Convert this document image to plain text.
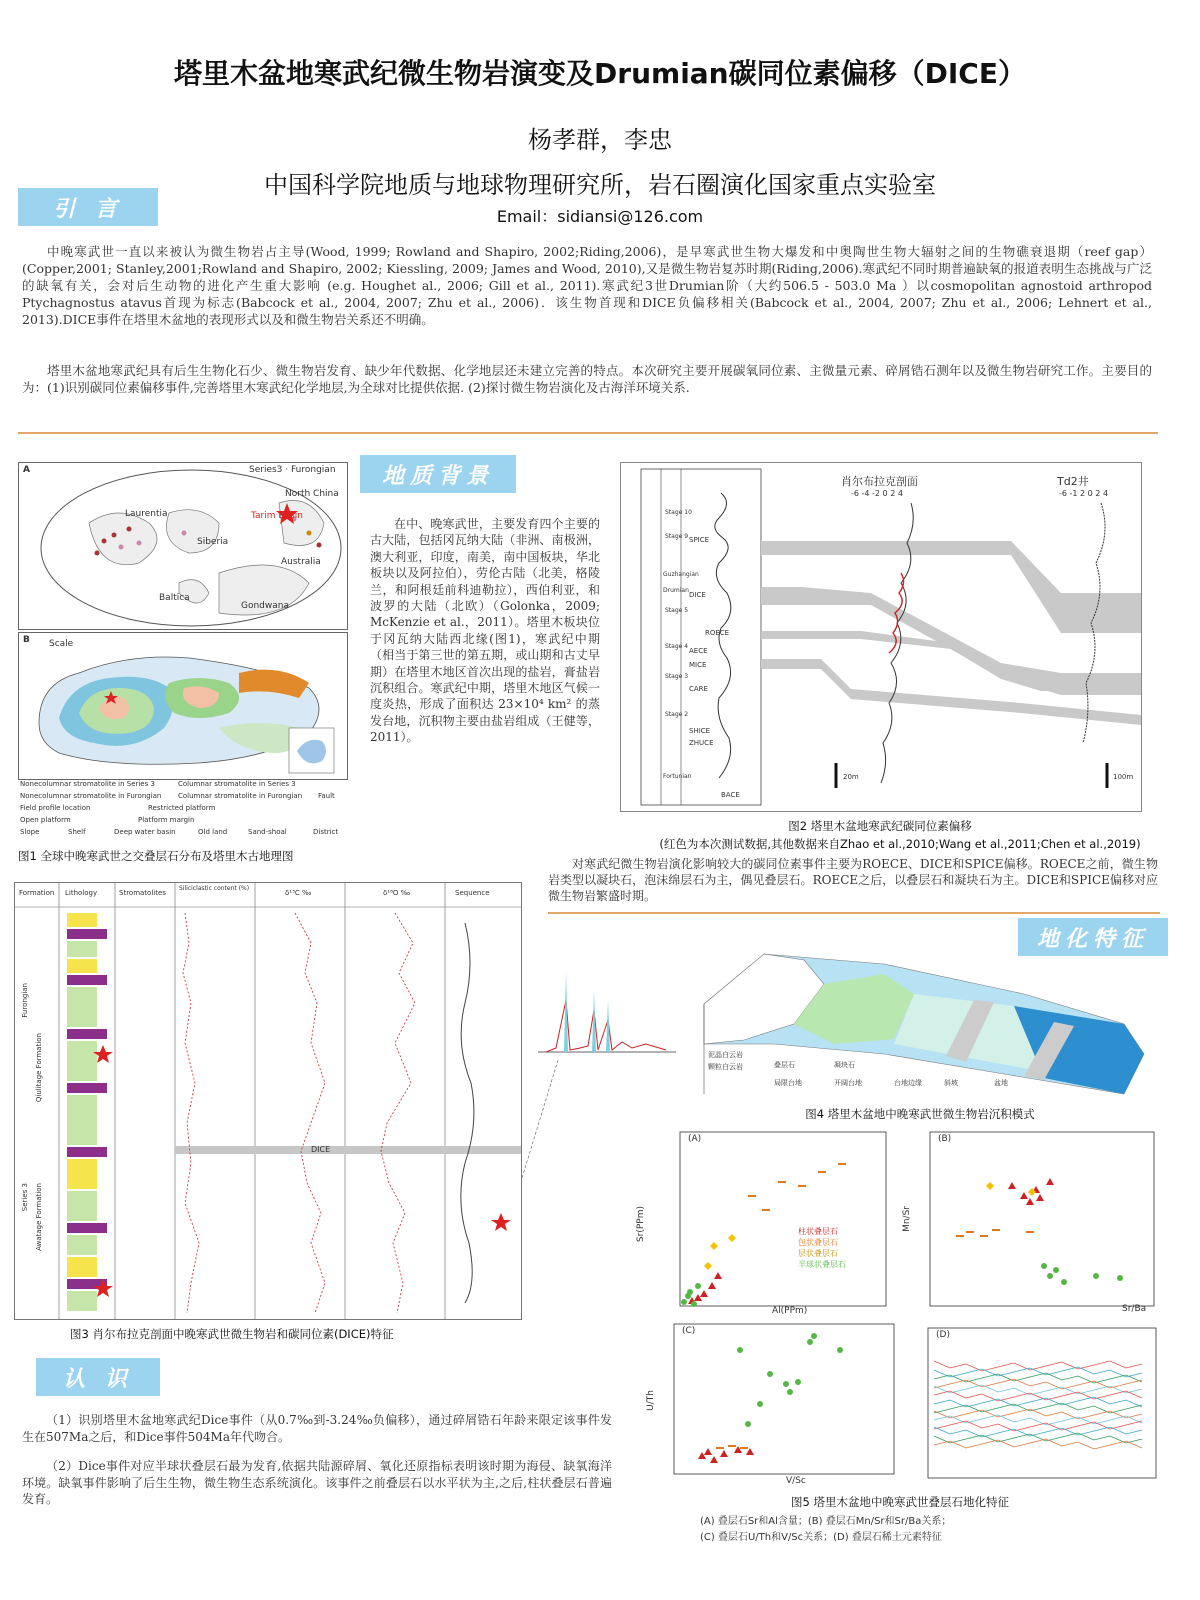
塔里木盆地寒武纪微生物岩演变及Drumian碳同位素偏移（DICE）
杨孝群，李忠
中国科学院地质与地球物理研究所，岩石圈演化国家重点实验室
Email：sidiansi@126.com
引 言
中晚寒武世一直以来被认为微生物岩占主导(Wood, 1999; Rowland and Shapiro, 2002;Riding,2006)，是早寒武世生物大爆发和中奥陶世生物大辐射之间的生物礁衰退期（reef gap）(Copper,2001; Stanley,2001;Rowland and Shapiro, 2002; Kiessling, 2009; James and Wood, 2010),又是微生物岩复苏时期(Riding,2006).寒武纪不同时期普遍缺氧的报道表明生态挑战与广泛的缺氧有关，会对后生动物的进化产生重大影响 (e.g. Houghet al., 2006; Gill et al., 2011).寒武纪3世Drumian阶（大约506.5 - 503.0 Ma ）以cosmopolitan agnostoid arthropod Ptychagnostus atavus首现为标志(Babcock et al., 2004, 2007; Zhu et al., 2006)．该生物首现和DICE负偏移相关(Babcock et al., 2004, 2007; Zhu et al., 2006; Lehnert et al., 2013).DICE事件在塔里木盆地的表现形式以及和微生物岩关系还不明确。
塔里木盆地寒武纪具有后生生物化石少、微生物岩发育、缺少年代数据、化学地层还未建立完善的特点。本次研究主要开展碳氧同位素、主微量元素、碎屑锆石测年以及微生物岩研究工作。主要目的为：(1)识别碳同位素偏移事件,完善塔里木寒武纪化学地层,为全球对比提供依据. (2)探讨微生物岩演化及古海洋环境关系.
A	Series3 · Furongian
Laurentia
Siberia
Baltica
Gondwana
North China
Tarim Basin
Australia
B Scale
Nonecolumnar stromatolite in Series 3	Columnar stromatolite in Series 3
Nonecolumnar stromatolite in Furongian Columnar stromatolite in Furongian Fault
Field profile location	Restricted platform
Open platform	Platform margin
Slope	Shelf	Deep water basin	Old land	Sand-shoal	District
图1 全球中晚寒武世之交叠层石分布及塔里木古地理图
地质背景
在中、晚寒武世，主要发育四个主要的古大陆，包括冈瓦纳大陆（非洲、南极洲，澳大利亚，印度，南美，南中国板块，华北板块以及阿拉伯），劳伦古陆（北美，格陵兰，和阿根廷前科迪勒拉），西伯利亚，和波罗的大陆（北欧）（Golonka，2009; McKenzie et al.，2011）。塔里木板块位于冈瓦纳大陆西北缘(图1)，寒武纪中期（相当于第三世的第五期，或山期和古丈早期）在塔里木地区首次出现的盐岩，膏盐岩沉积组合。寒武纪中期，塔里木地区气候一度炎热，形成了面积达 23×10⁴ km² 的蒸发台地，沉积物主要由盐岩组成（王健等，2011）。
肖尔布拉克剖面	Td2井
-6 -4 -2 0 2 4	-6 -1 2 0 2 4
SPICE
DICE
ROECE
AECE
MICE
CARE
SHICE
ZHUCE
BACE
Stage 10
Stage 9
Guzhangian
Drumian
Stage 5
Stage 4
Stage 3
Stage 2
Fortunian	20m	100m
图2 塔里木盆地寒武纪碳同位素偏移
(红色为本次测试数据,其他数据来自Zhao et al.,2010;Wang et al.,2011;Chen et al.,2019)
对寒武纪微生物岩演化影响较大的碳同位素事件主要为ROECE、DICE和SPICE偏移。ROECE之前，微生物岩类型以凝块石，泡沫绵层石为主，偶见叠层石。ROECE之后，以叠层石和凝块石为主。DICE和SPICE偏移对应微生物岩繁盛时期。
Formation Lithology	Stromatolites
Siliciclastic content (%)
δ¹³C ‰	δ¹⁸O ‰	Sequence
Furongian
Qiulitage Formation
Awatage Formation
Series 3
DICE
图3 肖尔布拉克剖面中晚寒武世微生物岩和碳同位素(DICE)特征
地化特征
泥晶白云岩
颗粒白云岩	叠层石	凝块石
局限台地	开阔台地	台地边缘	斜坡	盆地
图4 塔里木盆地中晚寒武世微生物岩沉积模式
(A)
Sr(PPm)
Al(PPm)
柱状叠层石
包状叠层石
层状叠层石
半球状叠层石
(B)
Mn/Sr
Sr/Ba
(C)
U/Th
V/Sc
(D)
图5 塔里木盆地中晚寒武世叠层石地化特征
(A) 叠层石Sr和Al含量；(B) 叠层石Mn/Sr和Sr/Ba关系；
(C) 叠层石U/Th和V/Sc关系；(D) 叠层石稀土元素特征
认 识
（1）识别塔里木盆地寒武纪Dice事件（从0.7‰到-3.24‰负偏移），通过碎屑锆石年龄来限定该事件发生在507Ma之后，和Dice事件504Ma年代吻合。
（2）Dice事件对应半球状叠层石最为发育,依据共陆源碎屑、氧化还原指标表明该时期为海侵、缺氧海洋环境。缺氧事件影响了后生生物，微生物生态系统演化。该事件之前叠层石以水平状为主,之后,柱状叠层石普遍发育。
